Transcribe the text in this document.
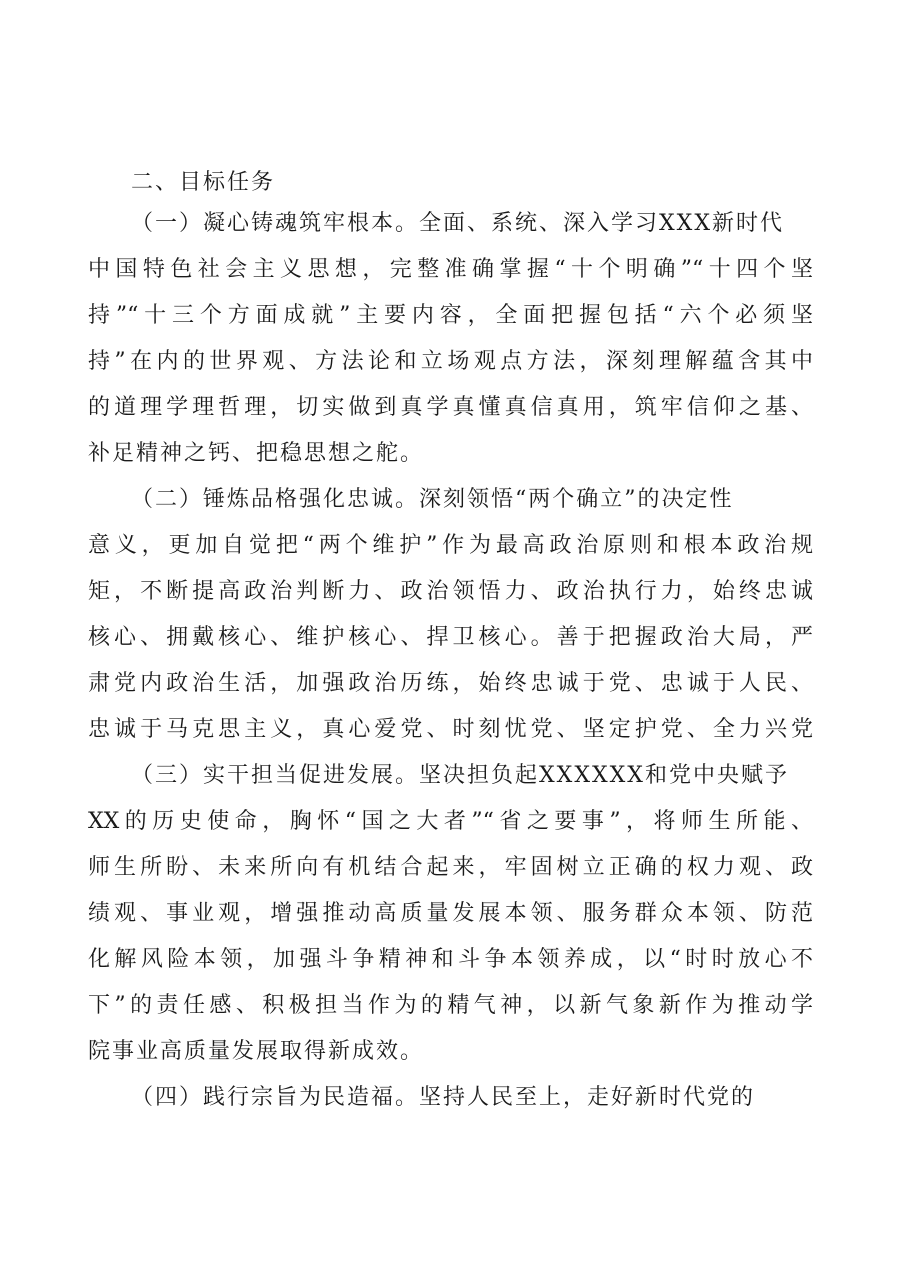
二、目标任务
（一）凝心铸魂筑牢根本。全面、系统、深入学习XXX新时代
中国特色社会主义思想，完整准确掌握“十个明确”“十四个坚
持”“十三个方面成就”主要内容，全面把握包括“六个必须坚
持”在内的世界观、方法论和立场观点方法，深刻理解蕴含其中
的道理学理哲理，切实做到真学真懂真信真用，筑牢信仰之基、
补足精神之钙、把稳思想之舵。
（二）锤炼品格强化忠诚。深刻领悟“两个确立”的决定性
意义，更加自觉把“两个维护”作为最高政治原则和根本政治规
矩，不断提高政治判断力、政治领悟力、政治执行力，始终忠诚
核心、拥戴核心、维护核心、捍卫核心。善于把握政治大局，严
肃党内政治生活，加强政治历练，始终忠诚于党、忠诚于人民、
忠诚于马克思主义，真心爱党、时刻忧党、坚定护党、全力兴党
（三）实干担当促进发展。坚决担负起XXXXXX和党中央赋予
XX的历史使命，胸怀“国之大者”“省之要事”，将师生所能、
师生所盼、未来所向有机结合起来，牢固树立正确的权力观、政
绩观、事业观，增强推动高质量发展本领、服务群众本领、防范
化解风险本领，加强斗争精神和斗争本领养成，以“时时放心不
下”的责任感、积极担当作为的精气神，以新气象新作为推动学
院事业高质量发展取得新成效。
（四）践行宗旨为民造福。坚持人民至上，走好新时代党的
